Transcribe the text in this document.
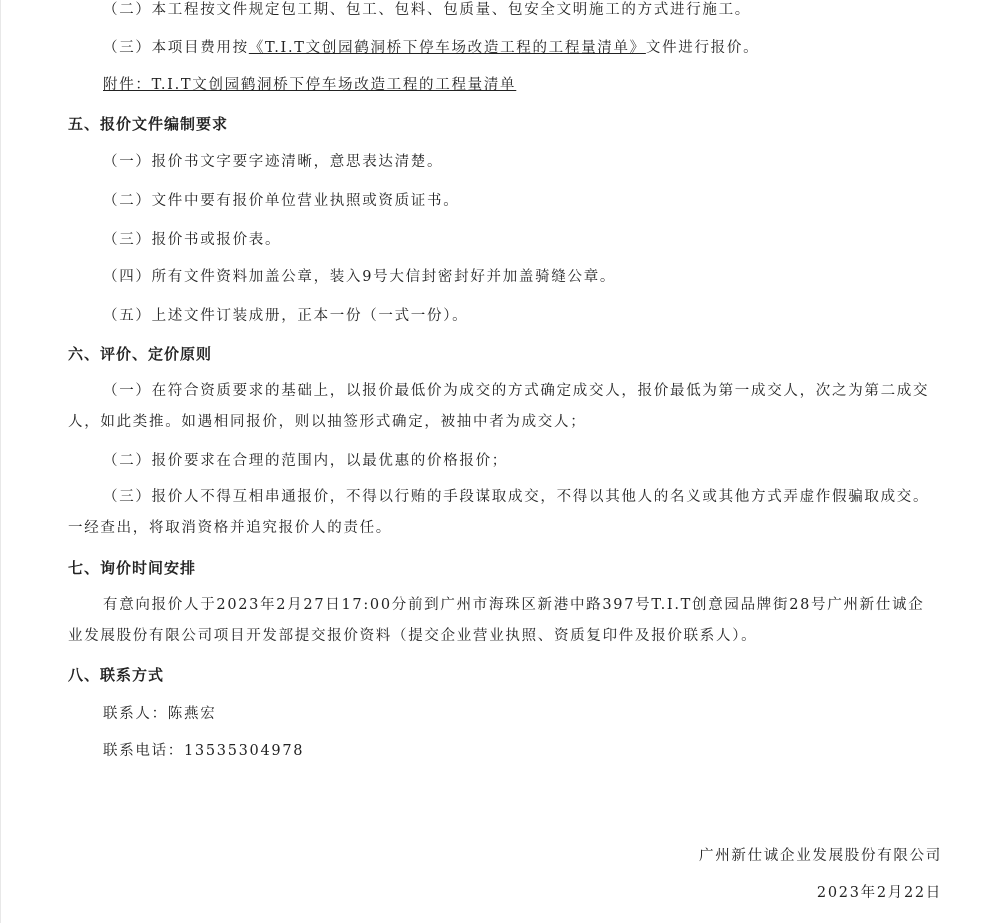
（二）本工程按文件规定包工期、包工、包料、包质量、包安全文明施工的方式进行施工。
（三）本项目费用按《T.I.T文创园鹤洞桥下停车场改造工程的工程量清单》文件进行报价。
附件：T.I.T文创园鹤洞桥下停车场改造工程的工程量清单
五、报价文件编制要求
（一）报价书文字要字迹清晰，意思表达清楚。
（二）文件中要有报价单位营业执照或资质证书。
（三）报价书或报价表。
（四）所有文件资料加盖公章，装入9号大信封密封好并加盖骑缝公章。
（五）上述文件订装成册，正本一份（一式一份）。
六、评价、定价原则
（一）在符合资质要求的基础上，以报价最低价为成交的方式确定成交人，报价最低为第一成交人，次之为第二成交人，如此类推。如遇相同报价，则以抽签形式确定，被抽中者为成交人；
（二）报价要求在合理的范围内，以最优惠的价格报价；
（三）报价人不得互相串通报价，不得以行贿的手段谋取成交，不得以其他人的名义或其他方式弄虚作假骗取成交。一经查出，将取消资格并追究报价人的责任。
七、询价时间安排
有意向报价人于2023年2月27日17:00分前到广州市海珠区新港中路397号T.I.T创意园品牌街28号广州新仕诚企业发展股份有限公司项目开发部提交报价资料（提交企业营业执照、资质复印件及报价联系人）。
八、联系方式
联系人：陈燕宏
联系电话：13535304978
广州新仕诚企业发展股份有限公司
2023年2月22日
